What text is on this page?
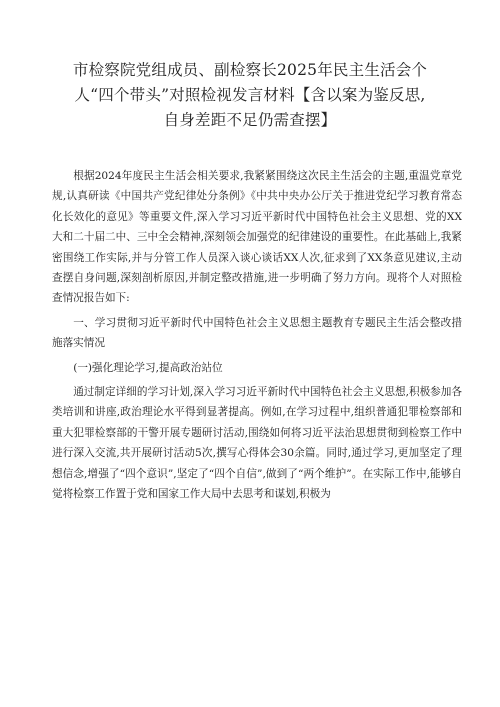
市检察院党组成员、副检察长2025年民主生活会个
人“四个带头”对照检视发言材料【含以案为鉴反思,
自身差距不足仍需查摆】

根据2024年度民主生活会相关要求,我紧紧围绕这次民主生活会的主题,重温党章党规,认真研读《中国共产党纪律处分条例》《中共中央办公厅关于推进党纪学习教育常态化长效化的意见》等重要文件,深入学习习近平新时代中国特色社会主义思想、党的XX大和二十届二中、三中全会精神,深刻领会加强党的纪律建设的重要性。在此基础上,我紧密围绕工作实际,并与分管工作人员深入谈心谈话XX人次,征求到了XX条意见建议,主动查摆自身问题,深刻剖析原因,并制定整改措施,进一步明确了努力方向。现将个人对照检查情况报告如下:

一、学习贯彻习近平新时代中国特色社会主义思想主题教育专题民主生活会整改措施落实情况

(一)强化理论学习,提高政治站位

通过制定详细的学习计划,深入学习习近平新时代中国特色社会主义思想,积极参加各类培训和讲座,政治理论水平得到显著提高。例如,在学习过程中,组织普通犯罪检察部和重大犯罪检察部的干警开展专题研讨活动,围绕如何将习近平法治思想贯彻到检察工作中进行深入交流,共开展研讨活动5次,撰写心得体会30余篇。同时,通过学习,更加坚定了理想信念,增强了“四个意识”,坚定了“四个自信”,做到了“两个维护”。在实际工作中,能够自觉将检察工作置于党和国家工作大局中去思考和谋划,积极为
